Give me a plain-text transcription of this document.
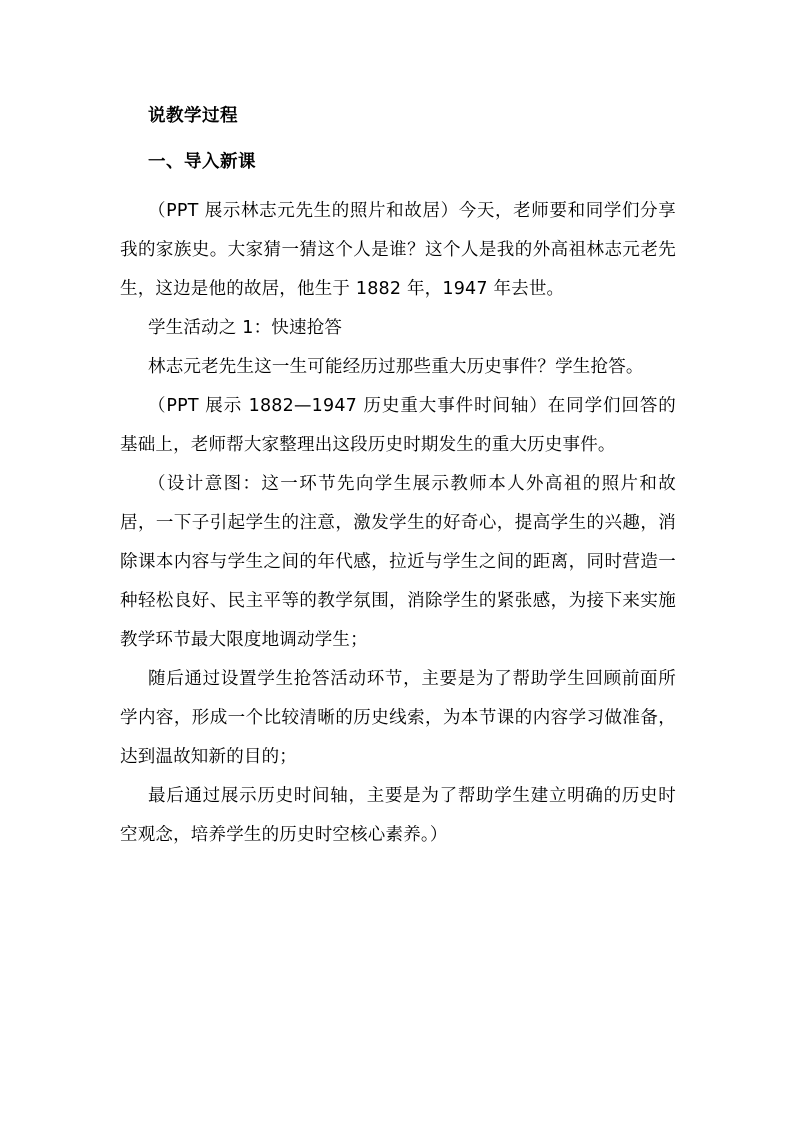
说教学过程
一、导入新课

（PPT 展示林志元先生的照片和故居）今天，老师要和同学们分享我的家族史。大家猜一猜这个人是谁？这个人是我的外高祖林志元老先生，这边是他的故居，他生于 1882 年，1947 年去世。

学生活动之 1：快速抢答

林志元老先生这一生可能经历过那些重大历史事件？学生抢答。

（PPT 展示 1882—1947 历史重大事件时间轴）在同学们回答的基础上，老师帮大家整理出这段历史时期发生的重大历史事件。

（设计意图：这一环节先向学生展示教师本人外高祖的照片和故居，一下子引起学生的注意，激发学生的好奇心，提高学生的兴趣，消除课本内容与学生之间的年代感，拉近与学生之间的距离，同时营造一种轻松良好、民主平等的教学氛围，消除学生的紧张感，为接下来实施教学环节最大限度地调动学生；

随后通过设置学生抢答活动环节，主要是为了帮助学生回顾前面所学内容，形成一个比较清晰的历史线索，为本节课的内容学习做准备，达到温故知新的目的；

最后通过展示历史时间轴，主要是为了帮助学生建立明确的历史时空观念，培养学生的历史时空核心素养。）
